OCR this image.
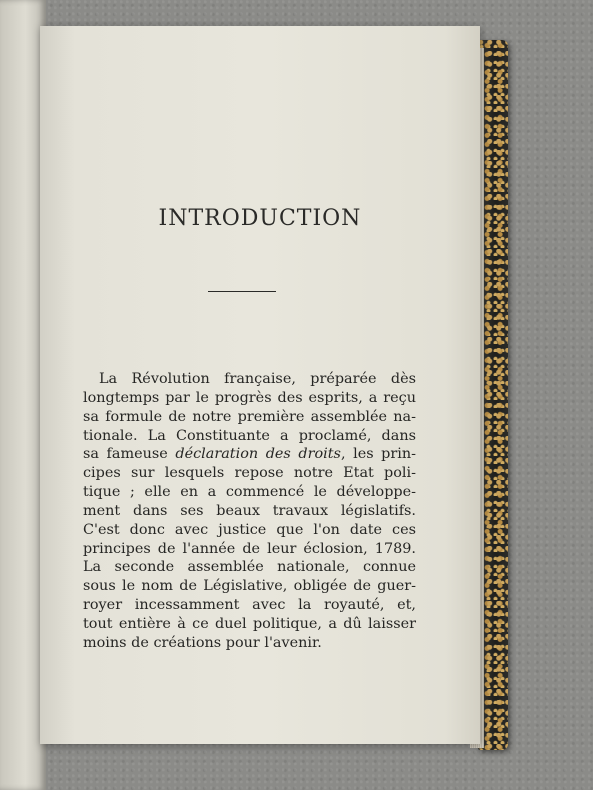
INTRODUCTION
La Révolution française, préparée dès
longtemps par le progrès des esprits, a reçu
sa formule de notre première assemblée na-
tionale. La Constituante a proclamé, dans
sa fameuse déclaration des droits, les prin-
cipes sur lesquels repose notre Etat poli-
tique ; elle en a commencé le développe-
ment dans ses beaux travaux législatifs.
C'est donc avec justice que l'on date ces
principes de l'année de leur éclosion, 1789.
La seconde assemblée nationale, connue
sous le nom de Législative, obligée de guer-
royer incessamment avec la royauté, et,
tout entière à ce duel politique, a dû laisser
moins de créations pour l'avenir.
